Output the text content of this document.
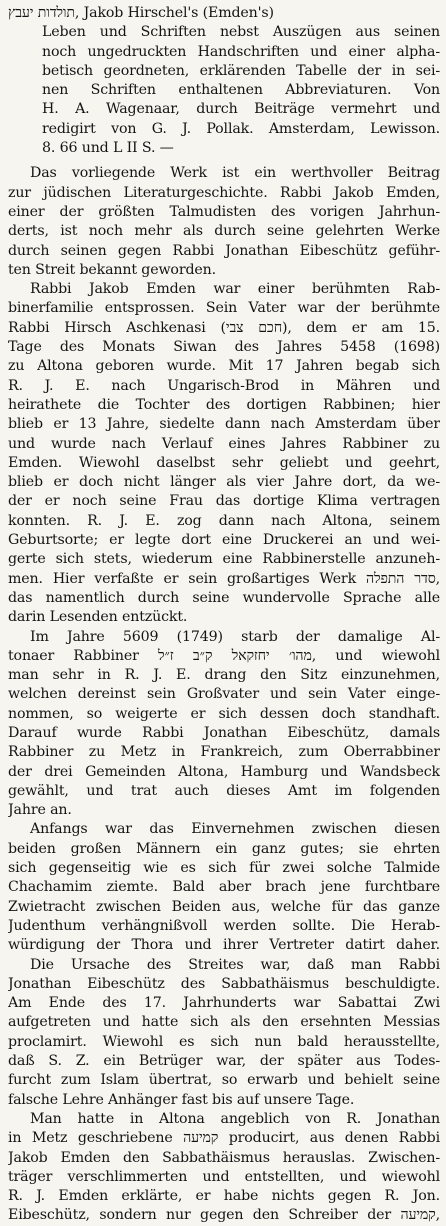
תולדות יעבץ, Jakob Hirschel's (Emden's)
Leben und Schriften nebst Auszügen aus seinen
noch ungedruckten Handschriften und einer alpha-
betisch geordneten, erklärenden Tabelle der in sei-
nen Schriften enthaltenen Abbreviaturen. Von
H. A. Wagenaar, durch Beiträge vermehrt und
redigirt von G. J. Pollak. Amsterdam, Lewisson.
8. 66 und L II S. —
Das vorliegende Werk ist ein werthvoller Beitrag
zur jüdischen Literaturgeschichte. Rabbi Jakob Emden,
einer der größten Talmudisten des vorigen Jahrhun-
derts, ist noch mehr als durch seine gelehrten Werke
durch seinen gegen Rabbi Jonathan Eibeschütz geführ-
ten Streit bekannt geworden.
Rabbi Jakob Emden war einer berühmten Rab-
binerfamilie entsprossen. Sein Vater war der berühmte
Rabbi Hirsch Aschkenasi (חכם צבי), dem er am 15.
Tage des Monats Siwan des Jahres 5458 (1698)
zu Altona geboren wurde. Mit 17 Jahren begab sich
R. J. E. nach Ungarisch-Brod in Mähren und
heirathete die Tochter des dortigen Rabbinen; hier
blieb er 13 Jahre, siedelte dann nach Amsterdam über
und wurde nach Verlauf eines Jahres Rabbiner zu
Emden. Wiewohl daselbst sehr geliebt und geehrt,
blieb er doch nicht länger als vier Jahre dort, da we-
der er noch seine Frau das dortige Klima vertragen
konnten. R. J. E. zog dann nach Altona, seinem
Geburtsorte; er legte dort eine Druckerei an und wei-
gerte sich stets, wiederum eine Rabbinerstelle anzuneh-
men. Hier verfaßte er sein großartiges Werk סדר התפלה,
das namentlich durch seine wundervolle Sprache alle
darin Lesenden entzückt.
Im Jahre 5609 (1749) starb der damalige Al-
tonaer Rabbiner מהו׳ יחזקאל ק״ב ז״ל, und wiewohl
man sehr in R. J. E. drang den Sitz einzunehmen,
welchen dereinst sein Großvater und sein Vater einge-
nommen, so weigerte er sich dessen doch standhaft.
Darauf wurde Rabbi Jonathan Eibeschütz, damals
Rabbiner zu Metz in Frankreich, zum Oberrabbiner
der drei Gemeinden Altona, Hamburg und Wandsbeck
gewählt, und trat auch dieses Amt im folgenden
Jahre an.
Anfangs war das Einvernehmen zwischen diesen
beiden großen Männern ein ganz gutes; sie ehrten
sich gegenseitig wie es sich für zwei solche Talmide
Chachamim ziemte. Bald aber brach jene furchtbare
Zwietracht zwischen Beiden aus, welche für das ganze
Judenthum verhängnißvoll werden sollte. Die Herab-
würdigung der Thora und ihrer Vertreter datirt daher.
Die Ursache des Streites war, daß man Rabbi
Jonathan Eibeschütz des Sabbathäismus beschuldigte.
Am Ende des 17. Jahrhunderts war Sabattai Zwi
aufgetreten und hatte sich als den ersehnten Messias
proclamirt. Wiewohl es sich nun bald herausstellte,
daß S. Z. ein Betrüger war, der später aus Todes-
furcht zum Islam übertrat, so erwarb und behielt seine
falsche Lehre Anhänger fast bis auf unsere Tage.
Man hatte in Altona angeblich von R. Jonathan
in Metz geschriebene קמיעה producirt, aus denen Rabbi
Jakob Emden den Sabbathäismus herauslas. Zwischen-
träger verschlimmerten und entstellten, und wiewohl
R. J. Emden erklärte, er habe nichts gegen R. Jon.
Eibeschütz, sondern nur gegen den Schreiber der קמיעה,
